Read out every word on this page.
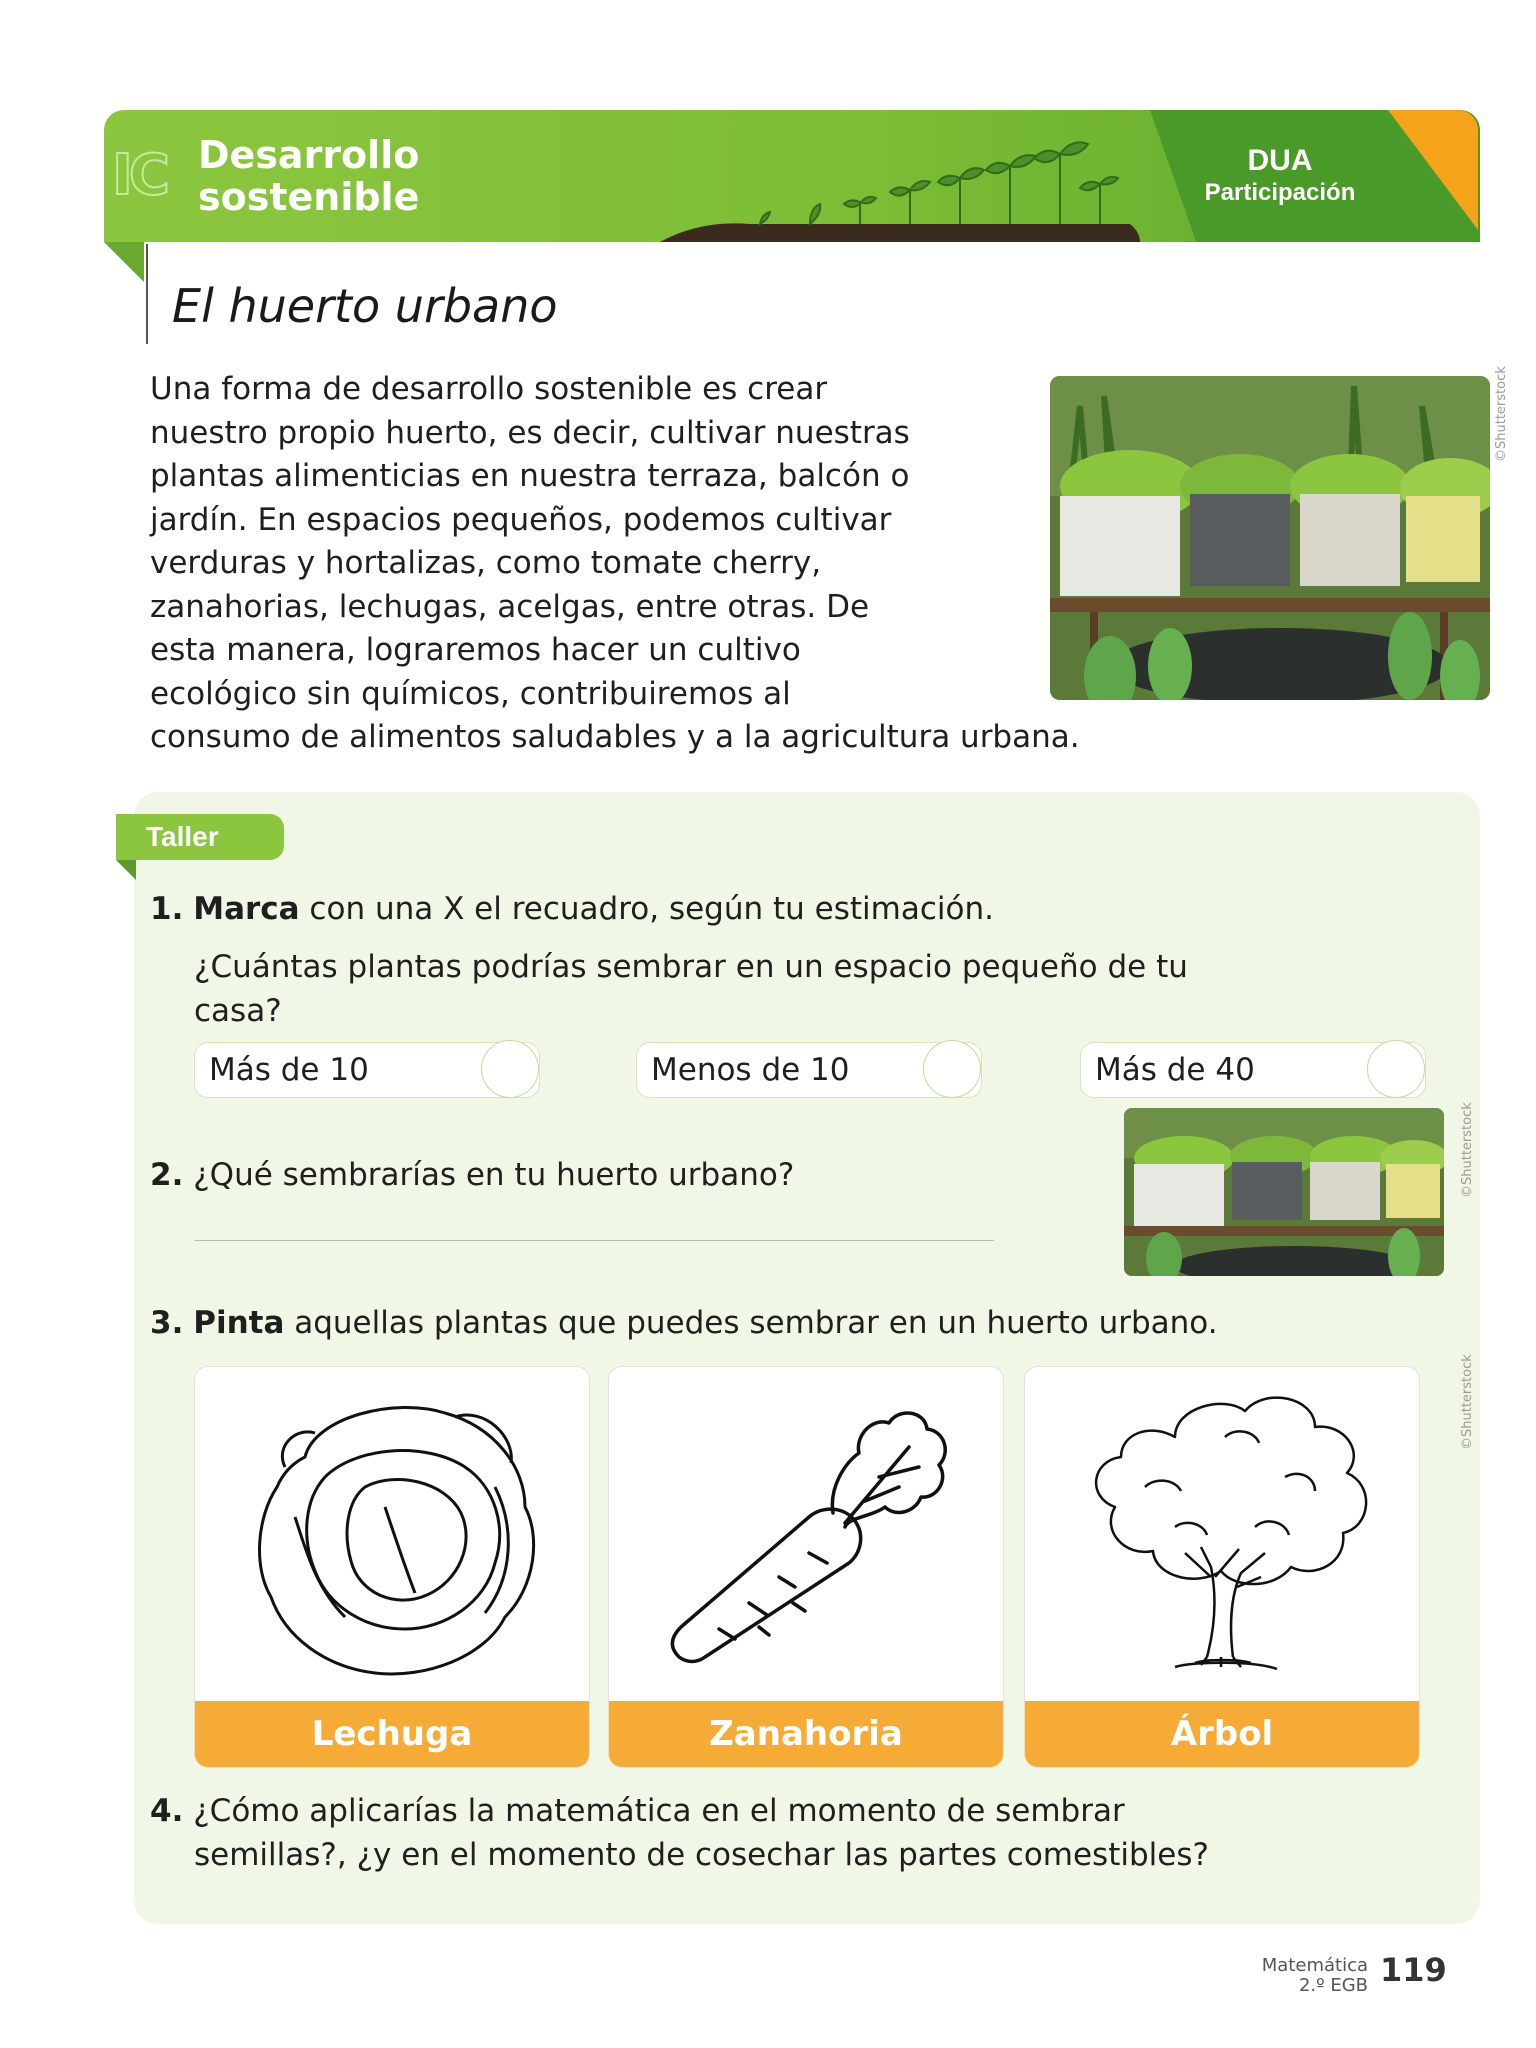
IC Desarrollo
sostenible
DUA
Participación
El huerto urbano
Una forma de desarrollo sostenible es crear
nuestro propio huerto, es decir, cultivar nuestras
plantas alimenticias en nuestra terraza, balcón o
jardín. En espacios pequeños, podemos cultivar
verduras y hortalizas, como tomate cherry,
zanahorias, lechugas, acelgas, entre otras. De
esta manera, lograremos hacer un cultivo
ecológico sin químicos, contribuiremos al
consumo de alimentos saludables y a la agricultura urbana.
©Shutterstock
Taller
1. Marca con una X el recuadro, según tu estimación.
¿Cuántas plantas podrías sembrar en un espacio pequeño de tu
casa?
Más de 10	Menos de 10	Más de 40
2. ¿Qué sembrarías en tu huerto urbano?	©Shutterstock
3. Pinta aquellas plantas que puedes sembrar en un huerto urbano.
Lechuga	Zanahoria	Árbol
©Shutterstock
4. ¿Cómo aplicarías la matemática en el momento de sembrar
semillas?, ¿y en el momento de cosechar las partes comestibles?
Matemática
2.º EGB 119
